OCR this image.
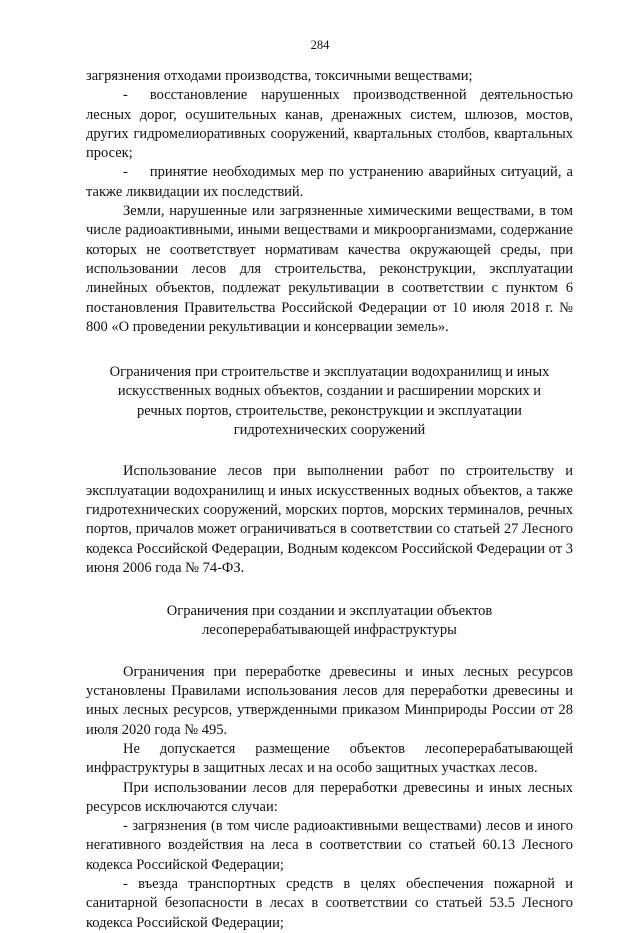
284

загрязнения отходами производства, токсичными веществами;

- восстановление нарушенных производственной деятельностью лесных дорог, осушительных канав, дренажных систем, шлюзов, мостов, других гидромелиоративных сооружений, квартальных столбов, квартальных просек;

- принятие необходимых мер по устранению аварийных ситуаций, а также ликвидации их последствий.

Земли, нарушенные или загрязненные химическими веществами, в том числе радиоактивными, иными веществами и микроорганизмами, содержание которых не соответствует нормативам качества окружающей среды, при использовании лесов для строительства, реконструкции, эксплуатации линейных объектов, подлежат рекультивации в соответствии с пунктом 6 постановления Правительства Российской Федерации от 10 июля 2018 г. № 800 «О проведении рекультивации и консервации земель».

Ограничения при строительстве и эксплуатации водохранилищ и иных искусственных водных объектов, создании и расширении морских и речных портов, строительстве, реконструкции и эксплуатации гидротехнических сооружений

Использование лесов при выполнении работ по строительству и эксплуатации водохранилищ и иных искусственных водных объектов, а также гидротехнических сооружений, морских портов, морских терминалов, речных портов, причалов может ограничиваться в соответствии со статьей 27 Лесного кодекса Российской Федерации, Водным кодексом Российской Федерации от 3 июня 2006 года № 74-ФЗ.

Ограничения при создании и эксплуатации объектов
лесоперерабатывающей инфраструктуры

Ограничения при переработке древесины и иных лесных ресурсов установлены Правилами использования лесов для переработки древесины и иных лесных ресурсов, утвержденными приказом Минприроды России от 28 июля 2020 года № 495.

Не допускается размещение объектов лесоперерабатывающей инфраструктуры в защитных лесах и на особо защитных участках лесов.

При использовании лесов для переработки древесины и иных лесных ресурсов исключаются случаи:

- загрязнения (в том числе радиоактивными веществами) лесов и иного негативного воздействия на леса в соответствии со статьей 60.13 Лесного кодекса Российской Федерации;

- въезда транспортных средств в целях обеспечения пожарной и санитарной безопасности в лесах в соответствии со статьей 53.5 Лесного кодекса Российской Федерации;
